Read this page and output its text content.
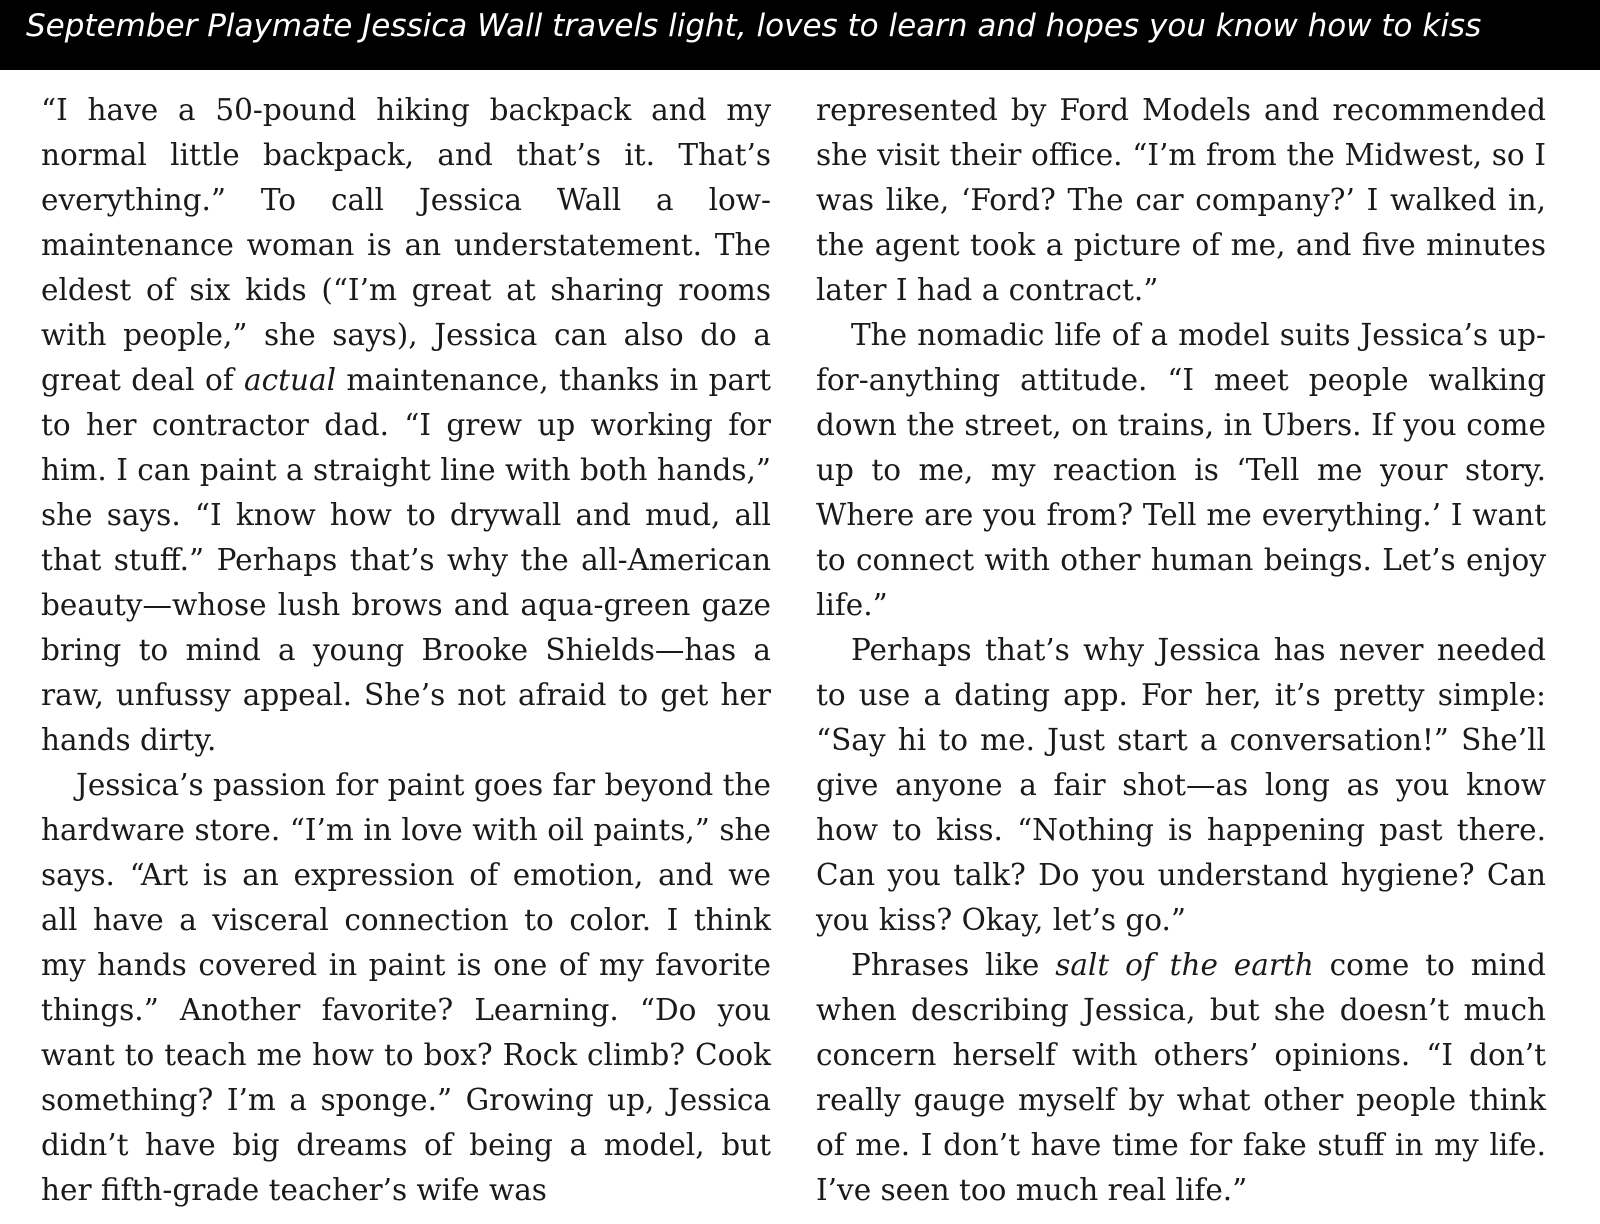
September Playmate Jessica Wall travels light, loves to learn and hopes you know how to kiss

“I have a 50-pound hiking backpack and my normal little backpack, and that’s it. That’s everything.” To call Jessica Wall a low-maintenance woman is an understatement. The eldest of six kids (“I’m great at sharing rooms with people,” she says), Jessica can also do a great deal of actual maintenance, thanks in part to her contractor dad. “I grew up working for him. I can paint a straight line with both hands,” she says. “I know how to drywall and mud, all that stuff.” Perhaps that’s why the all-American beauty—whose lush brows and aqua-green gaze bring to mind a young Brooke Shields—has a raw, unfussy appeal. She’s not afraid to get her hands dirty.

Jessica’s passion for paint goes far beyond the hardware store. “I’m in love with oil paints,” she says. “Art is an expression of emotion, and we all have a visceral connection to color. I think my hands covered in paint is one of my favorite things.” Another favorite? Learning. “Do you want to teach me how to box? Rock climb? Cook something? I’m a sponge.” Growing up, Jessica didn’t have big dreams of being a model, but her fifth-grade teacher’s wife was

represented by Ford Models and recommended she visit their office. “I’m from the Midwest, so I was like, ‘Ford? The car company?’ I walked in, the agent took a picture of me, and five minutes later I had a contract.”

The nomadic life of a model suits Jessica’s up-for-anything attitude. “I meet people walking down the street, on trains, in Ubers. If you come up to me, my reaction is ‘Tell me your story. Where are you from? Tell me everything.’ I want to connect with other human beings. Let’s enjoy life.”

Perhaps that’s why Jessica has never needed to use a dating app. For her, it’s pretty simple: “Say hi to me. Just start a conversation!” She’ll give anyone a fair shot—as long as you know how to kiss. “Nothing is happening past there. Can you talk? Do you understand hygiene? Can you kiss? Okay, let’s go.”

Phrases like salt of the earth come to mind when describing Jessica, but she doesn’t much concern herself with others’ opinions. “I don’t really gauge myself by what other people think of me. I don’t have time for fake stuff in my life. I’ve seen too much real life.”
